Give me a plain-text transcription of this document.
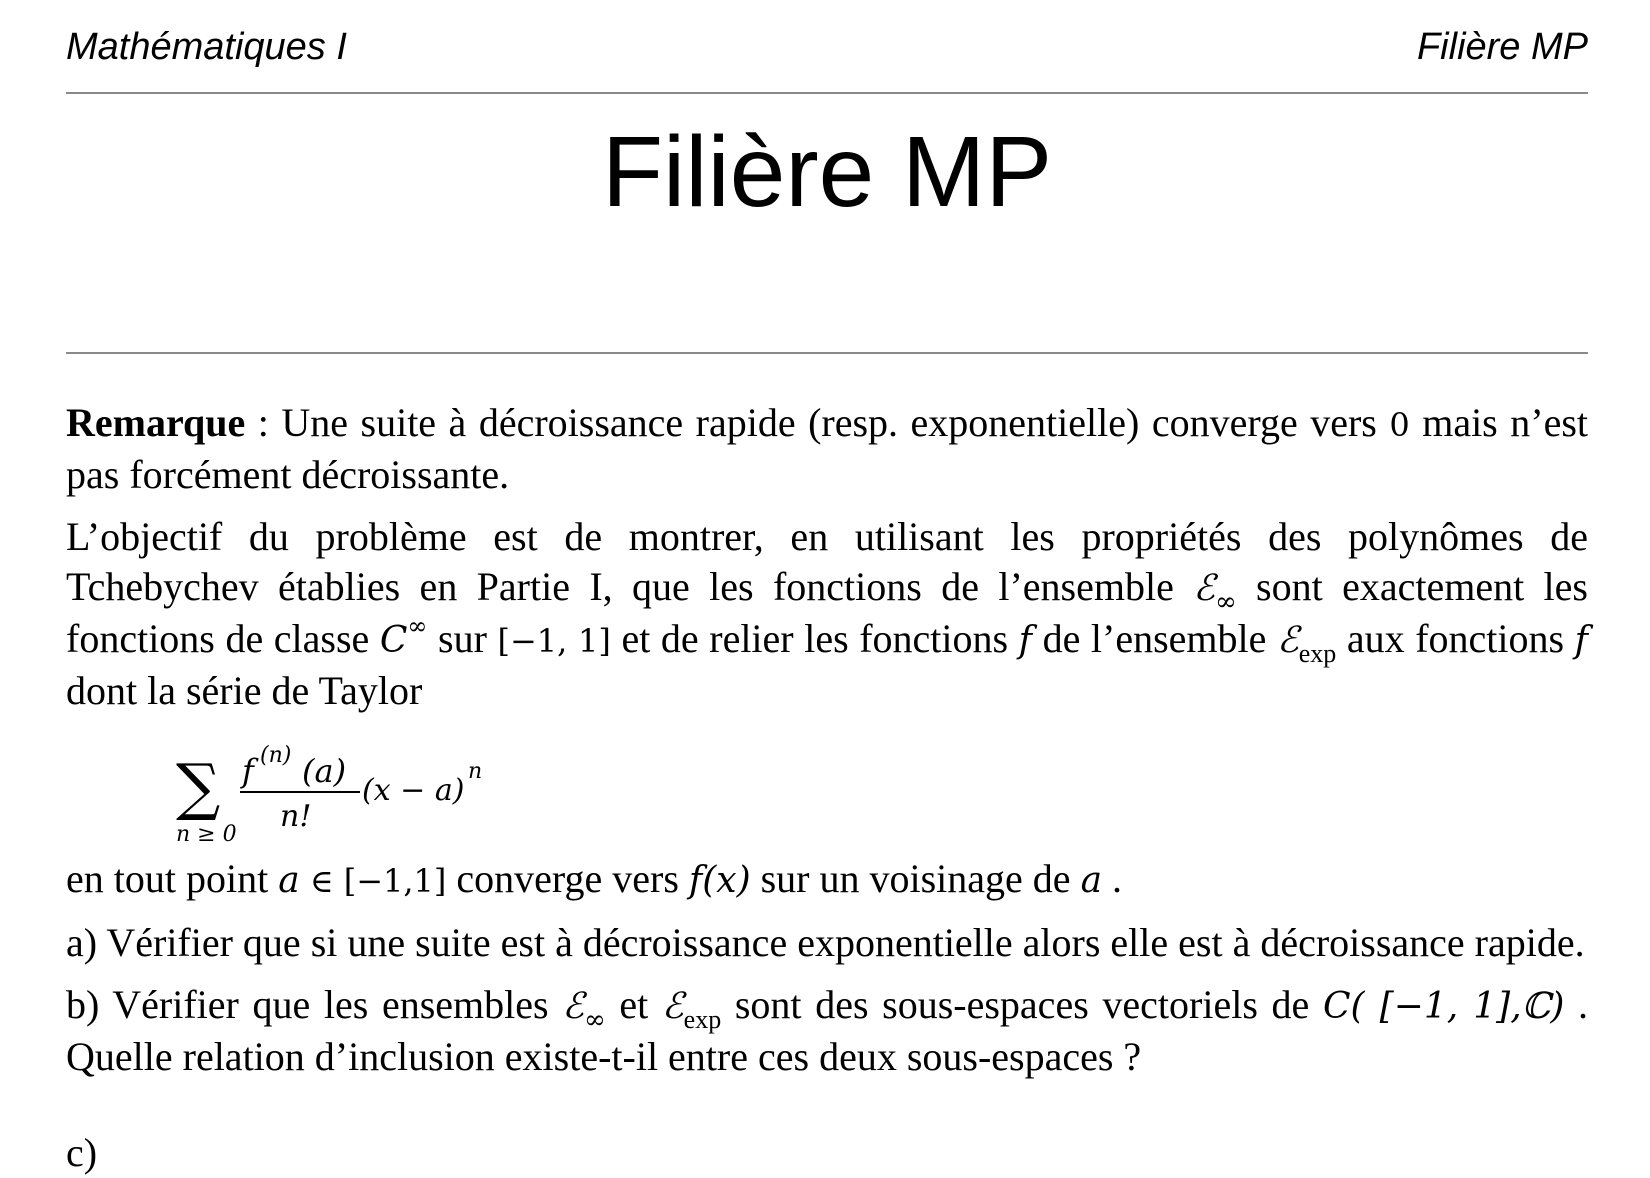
Mathématiques I	Filière MP
Filière MP

Remarque : Une suite à décroissance rapide (resp. exponentielle) converge vers 0 mais n’est pas forcément décroissante.

L’objectif du problème est de montrer, en utilisant les propriétés des polynômes de Tchebychev établies en Partie I, que les fonctions de l’ensemble ℰ$_\infty$ sont exactement les fonctions de classe C∞ sur [−1, 1] et de relier les fonctions f de l’ensemble ℰ$_{exp}$ aux fonctions f dont la série de Taylor

∑
n ≥ 0
f (n) (a)
n!
(x − a)
n

en tout point a ∈ [−1,1] converge vers f(x) sur un voisinage de a .

a) Vérifier que si une suite est à décroissance exponentielle alors elle est à décroissance rapide.

b) Vérifier que les ensembles ℰ$_\infty$ et ℰ$_{exp}$ sont des sous-espaces vectoriels de C( [−1, 1],ℂ) . Quelle relation d’inclusion existe-t-il entre ces deux sous-espaces ?

c)
